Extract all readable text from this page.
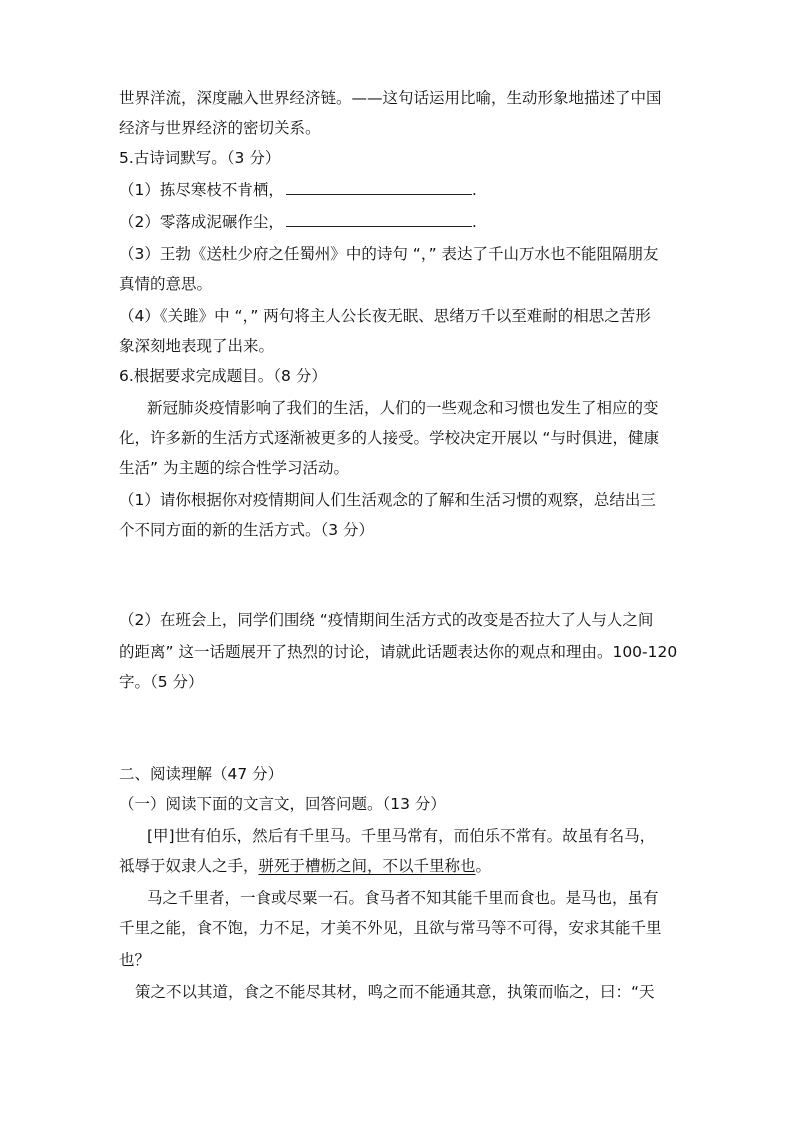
世界洋流，深度融入世界经济链。——这句话运用比喻，生动形象地描述了中国
经济与世界经济的密切关系。
5.古诗词默写。（3 分）
（1）拣尽寒枝不肯栖，	.
（2）零落成泥碾作尘，	.
（3）王勃《送杜少府之任蜀州》中的诗句 “，” 表达了千山万水也不能阻隔朋友
真情的意思。
（4）《关雎》中 “，” 两句将主人公长夜无眠、思绪万千以至难耐的相思之苦形
象深刻地表现了出来。
6.根据要求完成题目。（8 分）
新冠肺炎疫情影响了我们的生活，人们的一些观念和习惯也发生了相应的变
化，许多新的生活方式逐渐被更多的人接受。学校决定开展以 “与时俱进，健康
生活” 为主题的综合性学习活动。
（1）请你根据你对疫情期间人们生活观念的了解和生活习惯的观察，总结出三
个不同方面的新的生活方式。（3 分）
（2）在班会上，同学们围绕 “疫情期间生活方式的改变是否拉大了人与人之间
的距离” 这一话题展开了热烈的讨论，请就此话题表达你的观点和理由。100-120
字。（5 分）
二、阅读理解（47 分）
（一）阅读下面的文言文，回答问题。（13 分）
[甲]世有伯乐，然后有千里马。千里马常有，而伯乐不常有。故虽有名马，
祗辱于奴隶人之手，骈死于槽枥之间，不以千里称也。
马之千里者，一食或尽粟一石。食马者不知其能千里而食也。是马也，虽有
千里之能，食不饱，力不足，才美不外见，且欲与常马等不可得，安求其能千里
也？
策之不以其道，食之不能尽其材，鸣之而不能通其意，执策而临之，曰：“天
